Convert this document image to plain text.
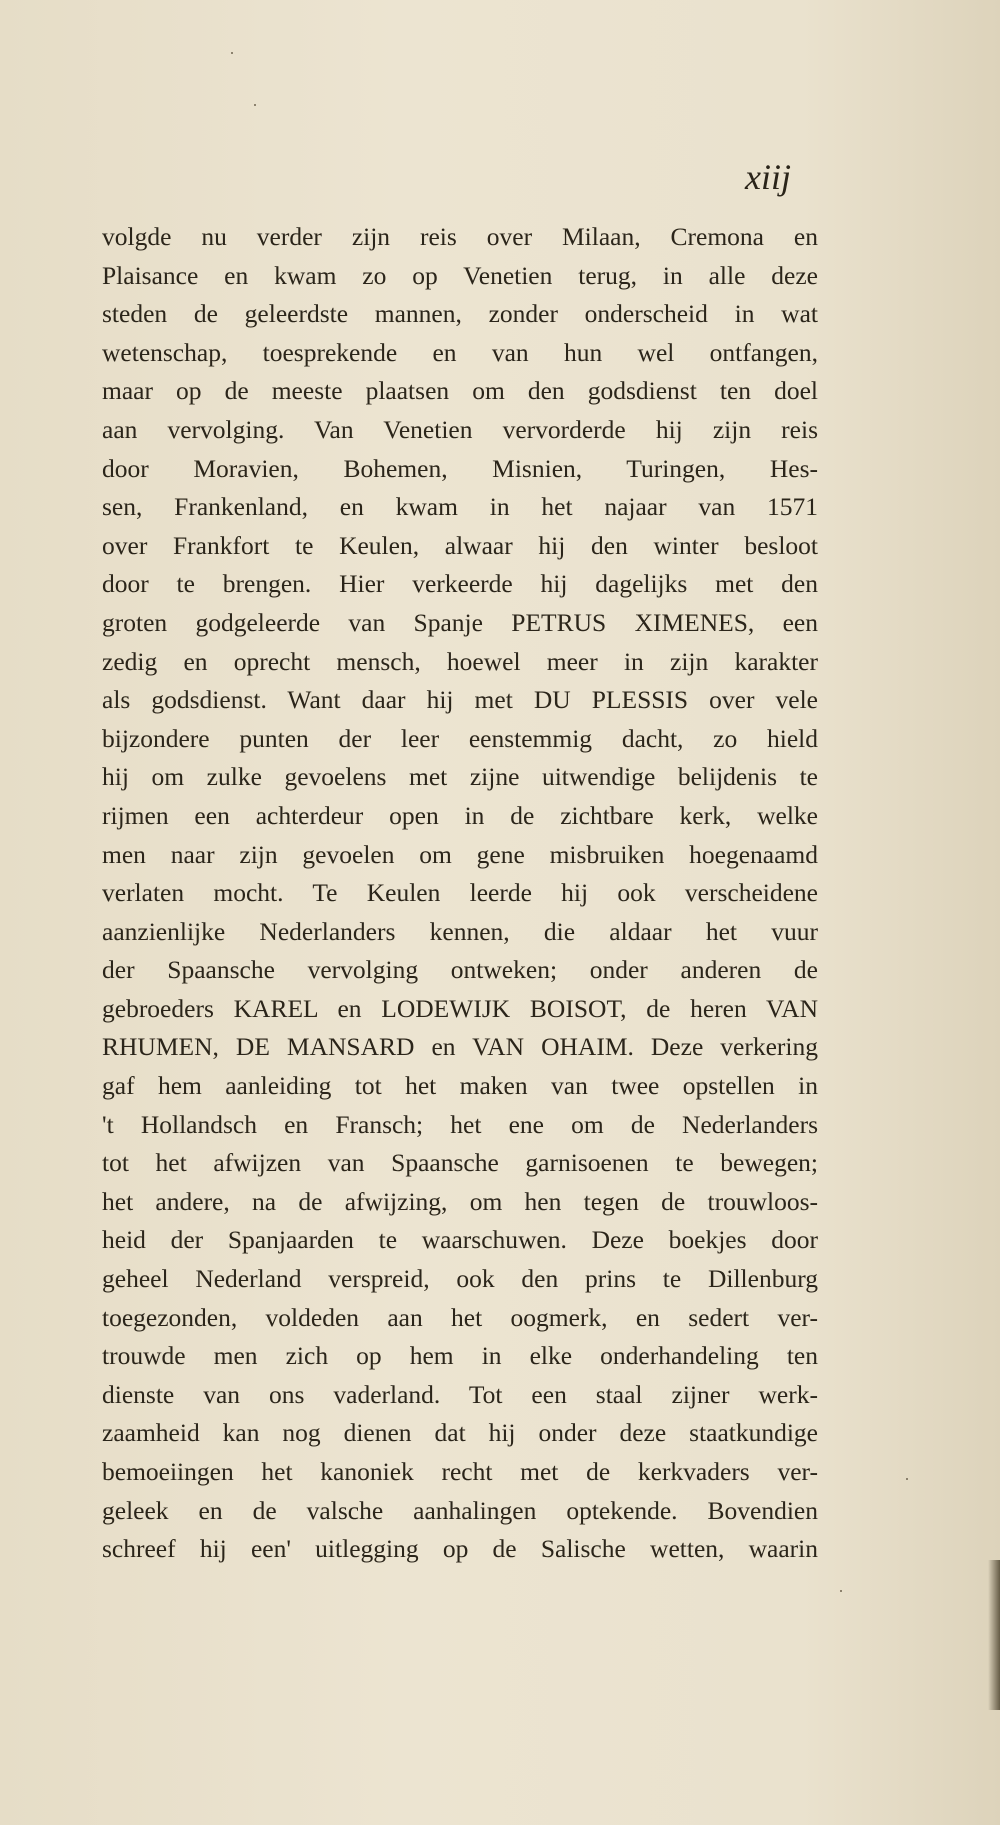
xiij
volgde nu verder zijn reis over Milaan, Cremona en
Plaisance en kwam zo op Venetien terug, in alle deze
steden de geleerdste mannen, zonder onderscheid in wat
wetenschap, toesprekende en van hun wel ontfangen,
maar op de meeste plaatsen om den godsdienst ten doel
aan vervolging. Van Venetien vervorderde hij zijn reis
door Moravien, Bohemen, Misnien, Turingen, Hes-
sen, Frankenland, en kwam in het najaar van 1571
over Frankfort te Keulen, alwaar hij den winter besloot
door te brengen. Hier verkeerde hij dagelijks met den
groten godgeleerde van Spanje PETRUS XIMENES, een
zedig en oprecht mensch, hoewel meer in zijn karakter
als godsdienst. Want daar hij met DU PLESSIS over vele
bijzondere punten der leer eenstemmig dacht, zo hield
hij om zulke gevoelens met zijne uitwendige belijdenis te
rijmen een achterdeur open in de zichtbare kerk, welke
men naar zijn gevoelen om gene misbruiken hoegenaamd
verlaten mocht. Te Keulen leerde hij ook verscheidene
aanzienlijke Nederlanders kennen, die aldaar het vuur
der Spaansche vervolging ontweken; onder anderen de
gebroeders KAREL en LODEWIJK BOISOT, de heren VAN
RHUMEN, DE MANSARD en VAN OHAIM. Deze verkering
gaf hem aanleiding tot het maken van twee opstellen in
't Hollandsch en Fransch; het ene om de Nederlanders
tot het afwijzen van Spaansche garnisoenen te bewegen;
het andere, na de afwijzing, om hen tegen de trouwloos-
heid der Spanjaarden te waarschuwen. Deze boekjes door
geheel Nederland verspreid, ook den prins te Dillenburg
toegezonden, voldeden aan het oogmerk, en sedert ver-
trouwde men zich op hem in elke onderhandeling ten
dienste van ons vaderland. Tot een staal zijner werk-
zaamheid kan nog dienen dat hij onder deze staatkundige
bemoeiingen het kanoniek recht met de kerkvaders ver-
geleek en de valsche aanhalingen optekende. Bovendien
schreef hij een' uitlegging op de Salische wetten, waarin
